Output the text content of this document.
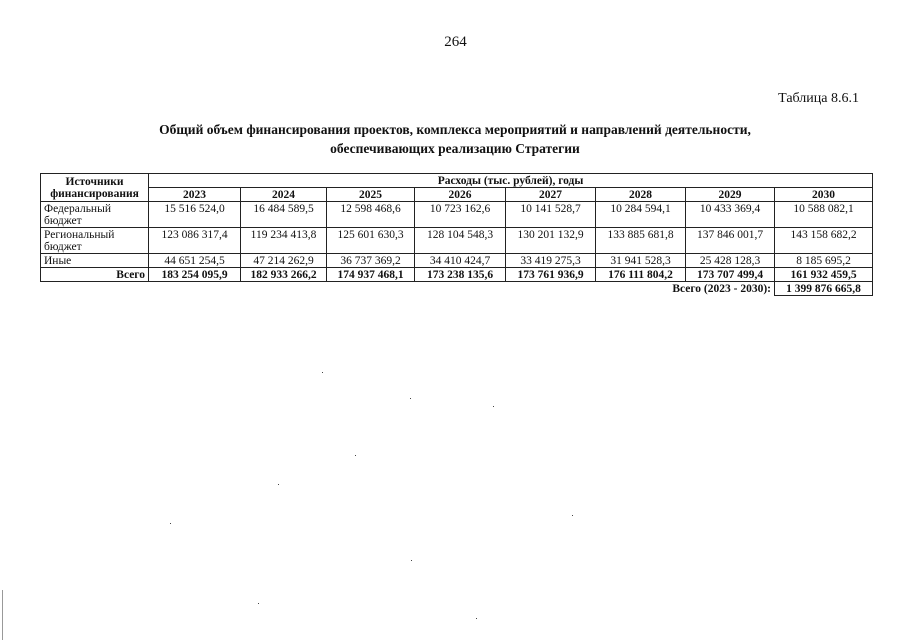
264
Таблица 8.6.1
Общий объем финансирования проектов, комплекса мероприятий и направлений деятельности,
обеспечивающих реализацию Стратегии
Источники финансирования	Расходы (тыс. рублей), годы							
	2023	2024	2025	2026	2027	2028	2029	2030
Федеральный бюджет	15 516 524,0	16 484 589,5	12 598 468,6	10 723 162,6	10 141 528,7	10 284 594,1	10 433 369,4	10 588 082,1
Региональный бюджет	123 086 317,4	119 234 413,8	125 601 630,3	128 104 548,3	130 201 132,9	133 885 681,8	137 846 001,7	143 158 682,2
Иные	44 651 254,5	47 214 262,9	36 737 369,2	34 410 424,7	33 419 275,3	31 941 528,3	25 428 128,3	8 185 695,2
Всего	183 254 095,9	182 933 266,2	174 937 468,1	173 238 135,6	173 761 936,9	176 111 804,2	173 707 499,4	161 932 459,5
Всего (2023 - 2030):								1 399 876 665,8
